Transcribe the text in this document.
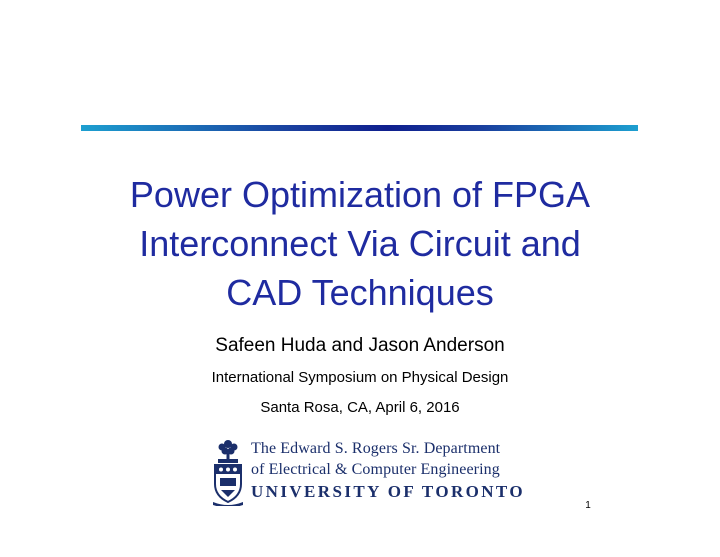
Power Optimization of FPGA
Interconnect Via Circuit and
CAD Techniques
Safeen Huda and Jason Anderson
International Symposium on Physical Design
Santa Rosa, CA, April 6, 2016
The Edward S. Rogers Sr. Department
of Electrical & Computer Engineering
UNIVERSITY OF TORONTO
1
